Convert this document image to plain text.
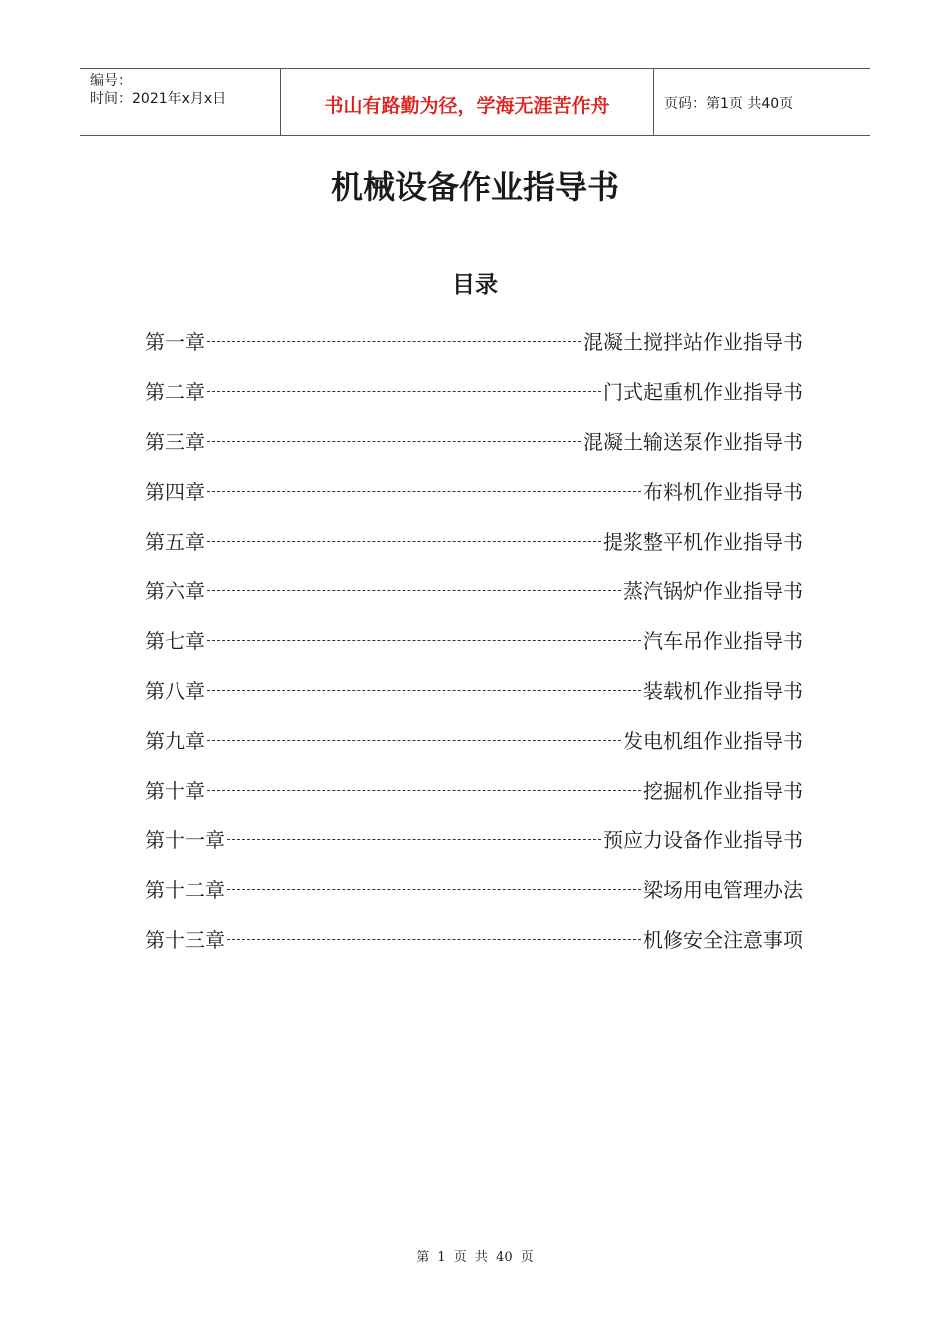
编号：
时间：2021年x月x日	书山有路勤为径，学海无涯苦作舟	页码：第1页 共40页
机械设备作业指导书
目录
第一章	混凝土搅拌站作业指导书
第二章	门式起重机作业指导书
第三章	混凝土输送泵作业指导书
第四章	布料机作业指导书
第五章	提浆整平机作业指导书
第六章	蒸汽锅炉作业指导书
第七章	汽车吊作业指导书
第八章	装载机作业指导书
第九章	发电机组作业指导书
第十章	挖掘机作业指导书
第十一章	预应力设备作业指导书
第十二章	梁场用电管理办法
第十三章	机修安全注意事项
第 1 页 共 40 页
